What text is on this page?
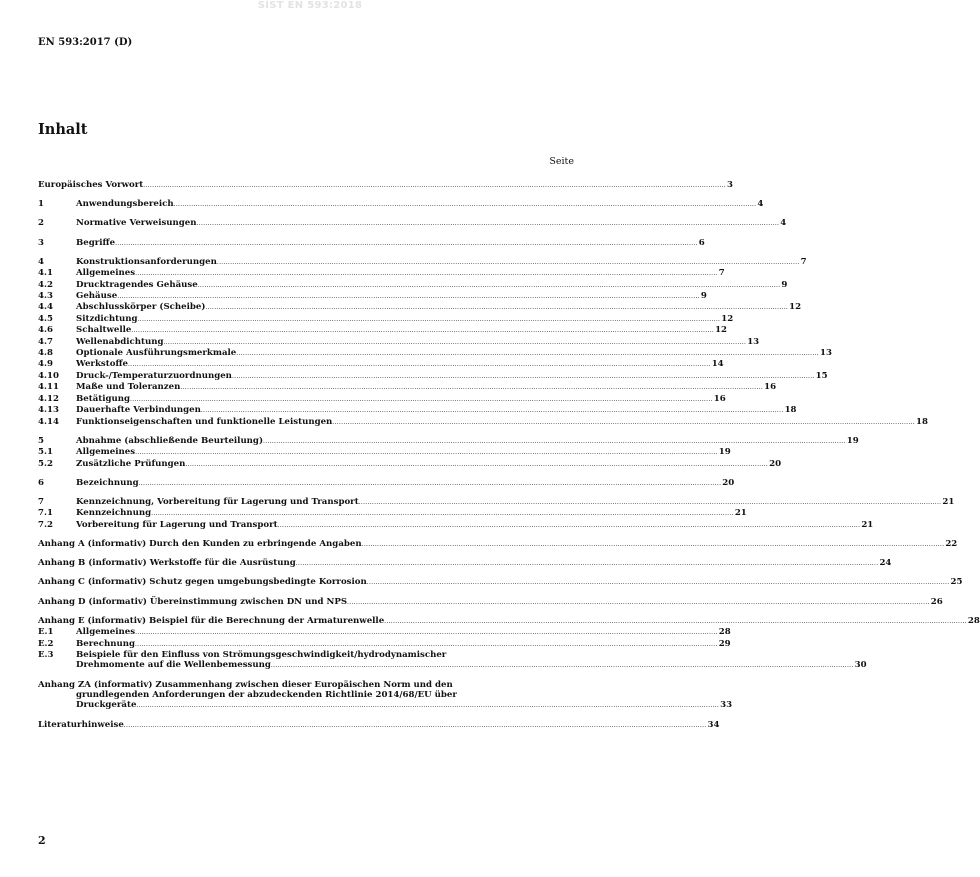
SIST EN 593:2018
EN 593:2017 (D)
Inhalt
Seite
Europäisches Vorwort .....	3
1	Anwendungsbereich .....	4
2	Normative Verweisungen .....	4
3	Begriffe .....	6
4	Konstruktionsanforderungen .....	7
4.1	Allgemeines .....	7
4.2	Drucktragendes Gehäuse .....	9
4.3	Gehäuse .....	9
4.4	Abschlusskörper (Scheibe) .....	12
4.5	Sitzdichtung .....	12
4.6	Schaltwelle .....	12
4.7	Wellenabdichtung .....	13
4.8	Optionale Ausführungsmerkmale .....	13
4.9	Werkstoffe .....	14
4.10	Druck-/Temperaturzuordnungen .....	15
4.11	Maße und Toleranzen .....	16
4.12	Betätigung .....	16
4.13	Dauerhafte Verbindungen .....	18
4.14	Funktionseigenschaften und funktionelle Leistungen .....	18
5	Abnahme (abschließende Beurteilung) .....	19
5.1	Allgemeines .....	19
5.2	Zusätzliche Prüfungen .....	20
6	Bezeichnung .....	20
7	Kennzeichnung, Vorbereitung für Lagerung und Transport .....	21
7.1	Kennzeichnung .....	21
7.2	Vorbereitung für Lagerung und Transport .....	21
Anhang A (informativ) Durch den Kunden zu erbringende Angaben .....	22
Anhang B (informativ) Werkstoffe für die Ausrüstung .....	24
Anhang C (informativ) Schutz gegen umgebungsbedingte Korrosion .....	25
Anhang D (informativ) Übereinstimmung zwischen DN und NPS .....	26
Anhang E (informativ) Beispiel für die Berechnung der Armaturenwelle .....	28
E.1	Allgemeines .....	28
E.2	Berechnung .....	29
E.3	Beispiele für den Einfluss von Strömungsgeschwindigkeit/hydrodynamischer
Drehmomente auf die Wellenbemessung .....	30
Anhang ZA (informativ) Zusammenhang zwischen dieser Europäischen Norm und den
grundlegenden Anforderungen der abzudeckenden Richtlinie 2014/68/EU über
Druckgeräte .....	33
Literaturhinweise .....	34
2
